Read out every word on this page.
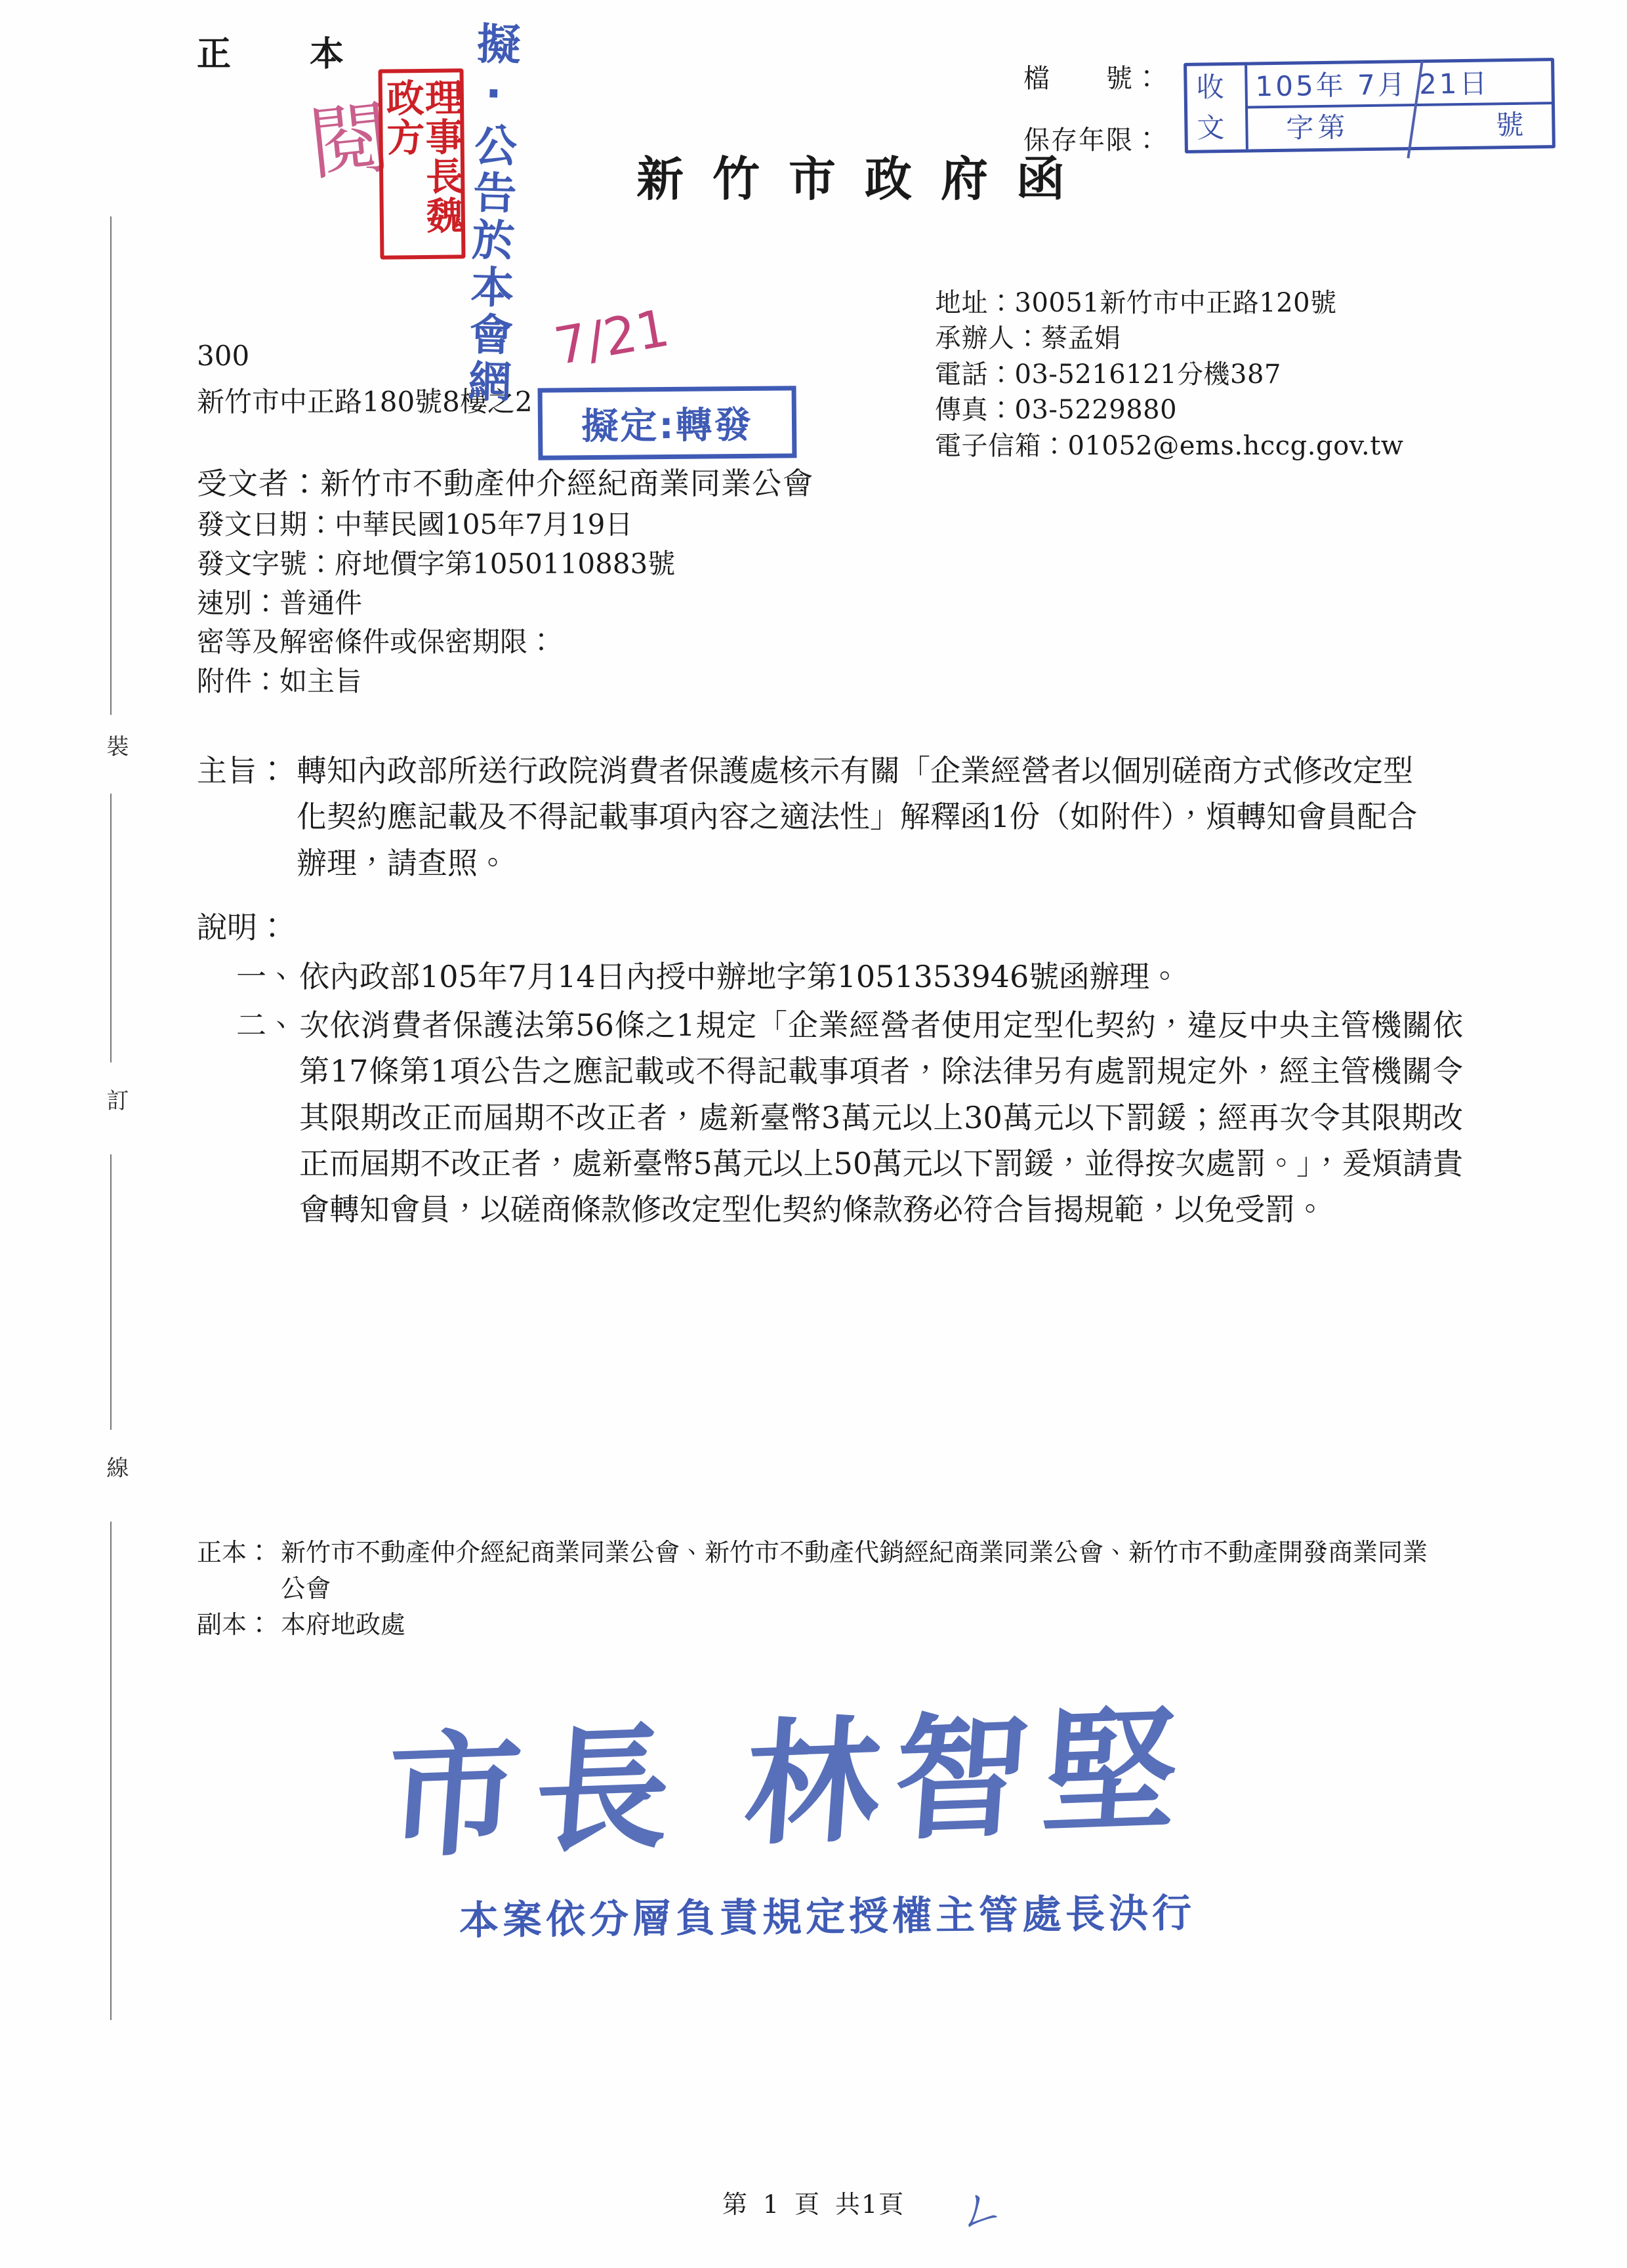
正　本
檔　　號：
保存年限：
收
文
105年 7月 21日
字第	號
新竹市政府函
地址：30051新竹市中正路120號
承辦人：蔡孟娟
電話：03-5216121分機387
傳真：03-5229880
電子信箱：01052@ems.hccg.gov.tw
300
新竹市中正路180號8樓之2
受文者：新竹市不動產仲介經紀商業同業公會
發文日期：中華民國105年7月19日
發文字號：府地價字第1050110883號
速別：普通件
密等及解密條件或保密期限：
附件：如主旨
主旨： 轉知內政部所送行政院消費者保護處核示有關「企業經營者以個別磋商方式修改定型化契約應記載及不得記載事項內容之適法性」解釋函1份（如附件），煩轉知會員配合辦理，請查照。
說明：
一、 依內政部105年7月14日內授中辦地字第1051353946號函辦理。
二、 次依消費者保護法第56條之1規定「企業經營者使用定型化契約，違反中央主管機關依第17條第1項公告之應記載或不得記載事項者，除法律另有處罰規定外，經主管機關令其限期改正而屆期不改正者，處新臺幣3萬元以上30萬元以下罰鍰；經再次令其限期改正而屆期不改正者，處新臺幣5萬元以上50萬元以下罰鍰，並得按次處罰。」，爰煩請貴會轉知會員，以磋商條款修改定型化契約條款務必符合旨揭規範，以免受罰。
正本： 新竹市不動產仲介經紀商業同業公會、新竹市不動產代銷經紀商業同業公會、新竹市不動產開發商業同業公會
副本： 本府地政處
裝
訂
線
閱 理事長魏政方 擬‧公告於本會網 7/21
擬定:轉發
市長 林智堅
本案依分層負責規定授權主管處長決行
第1頁共1頁 ㄥ
